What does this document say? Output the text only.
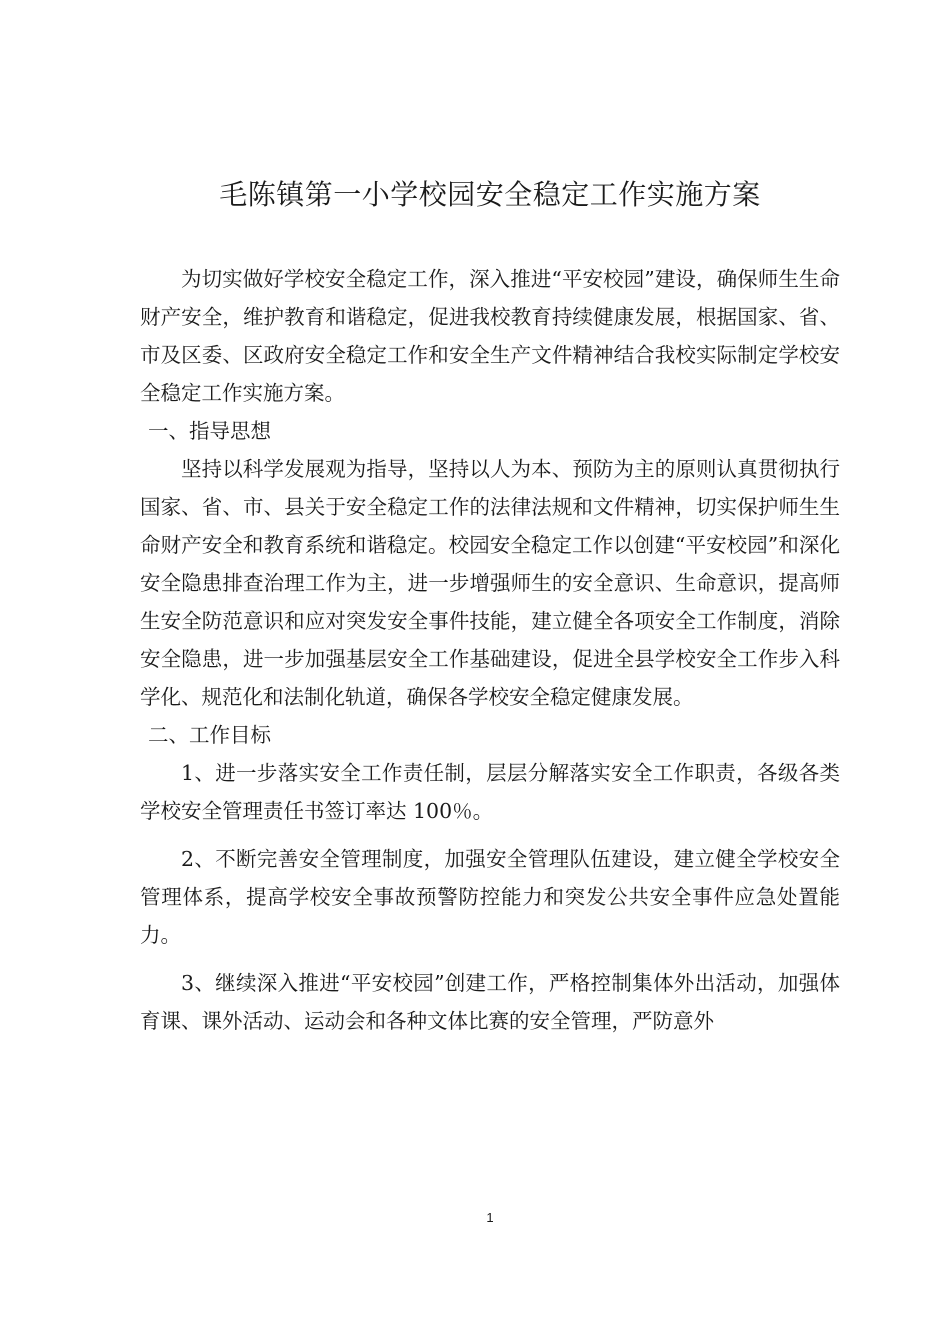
毛陈镇第一小学校园安全稳定工作实施方案

为切实做好学校安全稳定工作，深入推进“平安校园”建设，确保师生生命财产安全，维护教育和谐稳定，促进我校教育持续健康发展，根据国家、省、市及区委、区政府安全稳定工作和安全生产文件精神结合我校实际制定学校安全稳定工作实施方案。

一、指导思想

坚持以科学发展观为指导，坚持以人为本、预防为主的原则认真贯彻执行国家、省、市、县关于安全稳定工作的法律法规和文件精神，切实保护师生生命财产安全和教育系统和谐稳定。校园安全稳定工作以创建“平安校园”和深化安全隐患排查治理工作为主，进一步增强师生的安全意识、生命意识，提高师生安全防范意识和应对突发安全事件技能，建立健全各项安全工作制度，消除安全隐患，进一步加强基层安全工作基础建设，促进全县学校安全工作步入科学化、规范化和法制化轨道，确保各学校安全稳定健康发展。

二、工作目标

1、进一步落实安全工作责任制，层层分解落实安全工作职责，各级各类学校安全管理责任书签订率达 100％。

2、不断完善安全管理制度，加强安全管理队伍建设，建立健全学校安全管理体系，提高学校安全事故预警防控能力和突发公共安全事件应急处置能力。

3、继续深入推进“平安校园”创建工作，严格控制集体外出活动，加强体育课、课外活动、运动会和各种文体比赛的安全管理，严防意外

1
